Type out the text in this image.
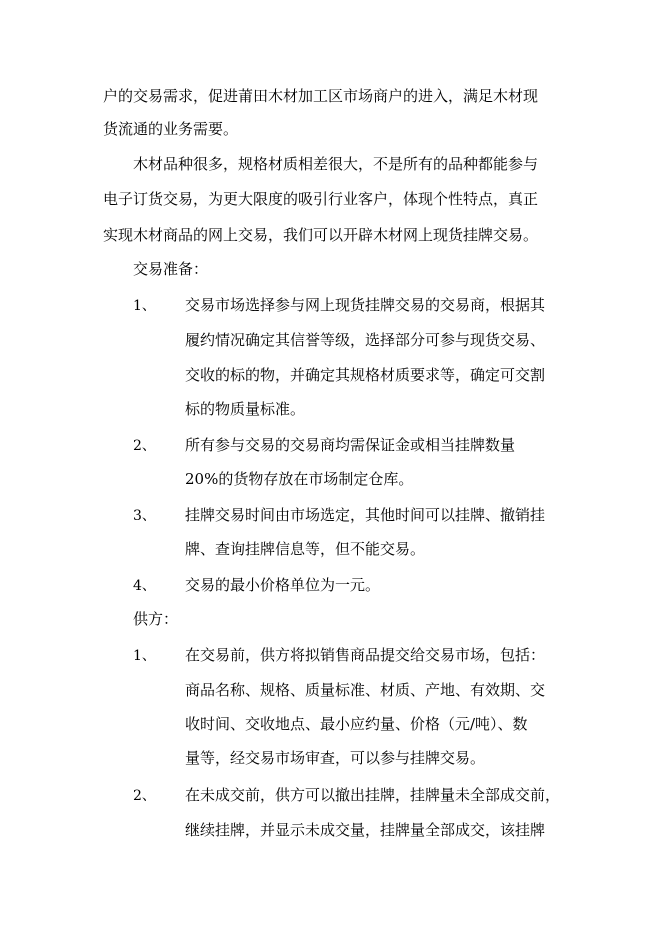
户的交易需求，促进莆田木材加工区市场商户的进入，满足木材现
货流通的业务需要。
木材品种很多，规格材质相差很大，不是所有的品种都能参与
电子订货交易，为更大限度的吸引行业客户，体现个性特点，真正
实现木材商品的网上交易，我们可以开辟木材网上现货挂牌交易。
交易准备：
1、 交易市场选择参与网上现货挂牌交易的交易商，根据其
履约情况确定其信誉等级，选择部分可参与现货交易、
交收的标的物，并确定其规格材质要求等，确定可交割
标的物质量标准。
2、 所有参与交易的交易商均需保证金或相当挂牌数量
20%的货物存放在市场制定仓库。
3、 挂牌交易时间由市场选定，其他时间可以挂牌、撤销挂
牌、查询挂牌信息等，但不能交易。
4、 交易的最小价格单位为一元。
供方：
1、 在交易前，供方将拟销售商品提交给交易市场，包括：
商品名称、规格、质量标准、材质、产地、有效期、交
收时间、交收地点、最小应约量、价格（元/吨）、数
量等，经交易市场审查，可以参与挂牌交易。
2、 在未成交前，供方可以撤出挂牌，挂牌量未全部成交前，
继续挂牌，并显示未成交量，挂牌量全部成交，该挂牌
